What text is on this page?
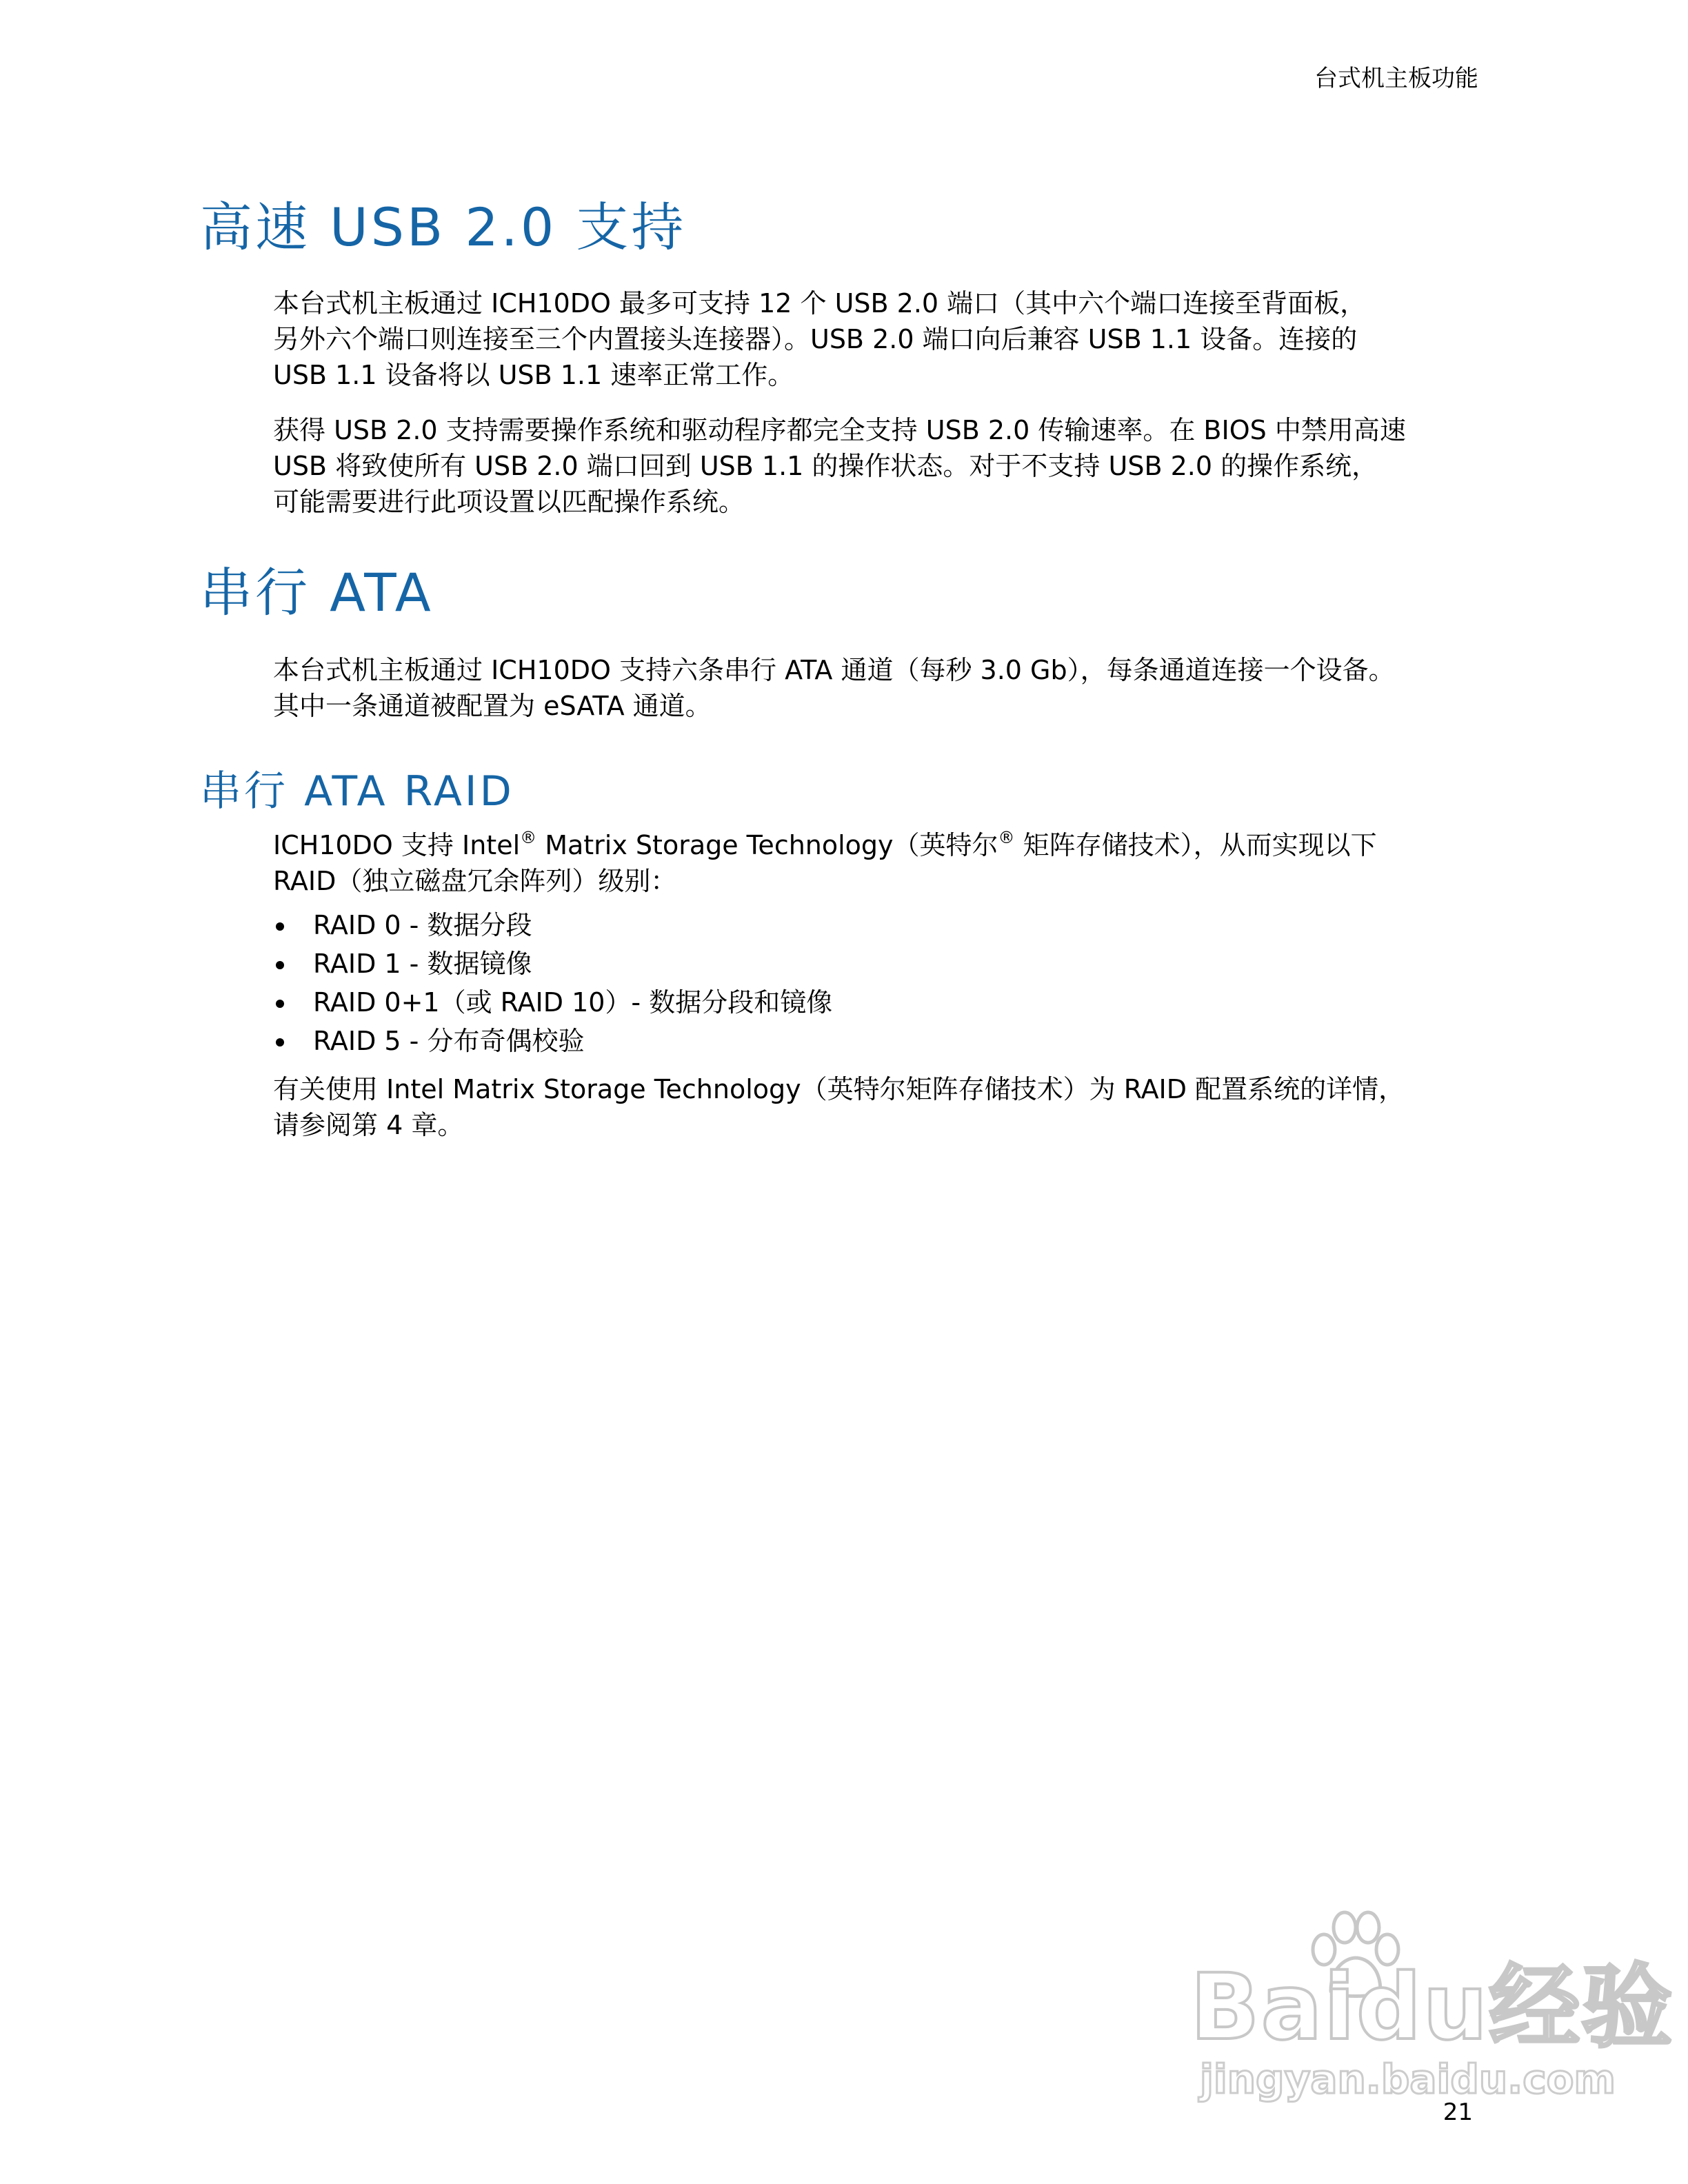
台式机主板功能
高速 USB 2.0 支持

本台式机主板通过 ICH10DO 最多可支持 12 个 USB 2.0 端口（其中六个端口连接至背面板，
另外六个端口则连接至三个内置接头连接器）。USB 2.0 端口向后兼容 USB 1.1 设备。连接的
USB 1.1 设备将以 USB 1.1 速率正常工作。

获得 USB 2.0 支持需要操作系统和驱动程序都完全支持 USB 2.0 传输速率。在 BIOS 中禁用高速
USB 将致使所有 USB 2.0 端口回到 USB 1.1 的操作状态。对于不支持 USB 2.0 的操作系统，
可能需要进行此项设置以匹配操作系统。

串行 ATA

本台式机主板通过 ICH10DO 支持六条串行 ATA 通道（每秒 3.0 Gb），每条通道连接一个设备。
其中一条通道被配置为 eSATA 通道。

串行 ATA RAID

ICH10DO 支持 Intel® Matrix Storage Technology（英特尔® 矩阵存储技术），从而实现以下
RAID（独立磁盘冗余阵列）级别：

RAID 0 - 数据分段
RAID 1 - 数据镜像
RAID 0+1（或 RAID 10）- 数据分段和镜像
RAID 5 - 分布奇偶校验

有关使用 Intel Matrix Storage Technology（英特尔矩阵存储技术）为 RAID 配置系统的详情，
请参阅第 4 章。

Baidu经验
jingyan.baidu.com
21
